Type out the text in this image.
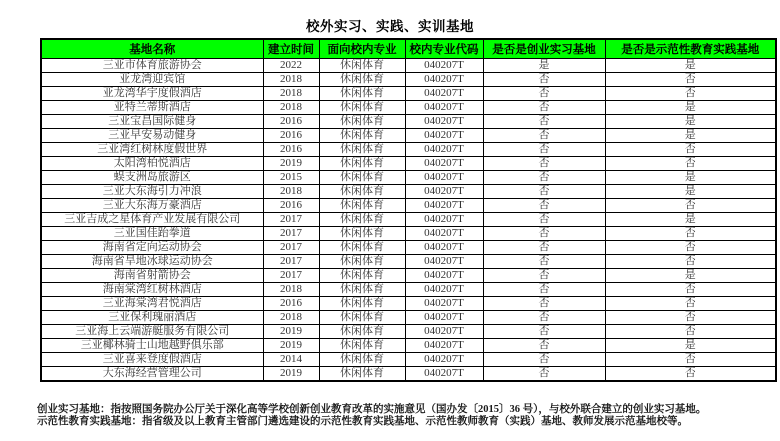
校外实习、实践、实训基地
基地名称	建立时间	面向校内专业	校内专业代码	是否是创业实习基地	是否是示范性教育实践基地
三亚市体育旅游协会	2022	休闲体育	040207T	是	是
亚龙湾迎宾馆	2018	休闲体育	040207T	否	否
亚龙湾华宇度假酒店	2018	休闲体育	040207T	否	否
亚特兰蒂斯酒店	2018	休闲体育	040207T	否	是
三亚宝昌国际健身	2016	休闲体育	040207T	否	是
三亚早安易动健身	2016	休闲体育	040207T	否	是
三亚湾红树林度假世界	2016	休闲体育	040207T	否	否
太阳湾柏悦酒店	2019	休闲体育	040207T	否	否
蜈支洲岛旅游区	2015	休闲体育	040207T	否	是
三亚大东海引力冲浪	2018	休闲体育	040207T	否	是
三亚大东海万豪酒店	2016	休闲体育	040207T	否	否
三亚吉成之星体育产业发展有限公司	2017	休闲体育	040207T	否	是
三亚国佳跆拳道	2017	休闲体育	040207T	否	否
海南省定向运动协会	2017	休闲体育	040207T	否	否
海南省旱地冰球运动协会	2017	休闲体育	040207T	否	否
海南省射箭协会	2017	休闲体育	040207T	否	是
海南棠湾红树林酒店	2018	休闲体育	040207T	否	否
三亚海棠湾君悦酒店	2016	休闲体育	040207T	否	否
三亚保利瑰丽酒店	2018	休闲体育	040207T	否	否
三亚海上云端游艇服务有限公司	2019	休闲体育	040207T	否	否
三亚椰林骑士山地越野俱乐部	2019	休闲体育	040207T	否	是
三亚喜来登度假酒店	2014	休闲体育	040207T	否	否
大东海经营管理公司	2019	休闲体育	040207T	否	否
创业实习基地：指按照国务院办公厅关于深化高等学校创新创业教育改革的实施意见（国办发〔2015〕36 号），与校外联合建立的创业实习基地。
示范性教育实践基地：指省级及以上教育主管部门遴选建设的示范性教育实践基地、示范性教师教育（实践）基地、教师发展示范基地校等。
